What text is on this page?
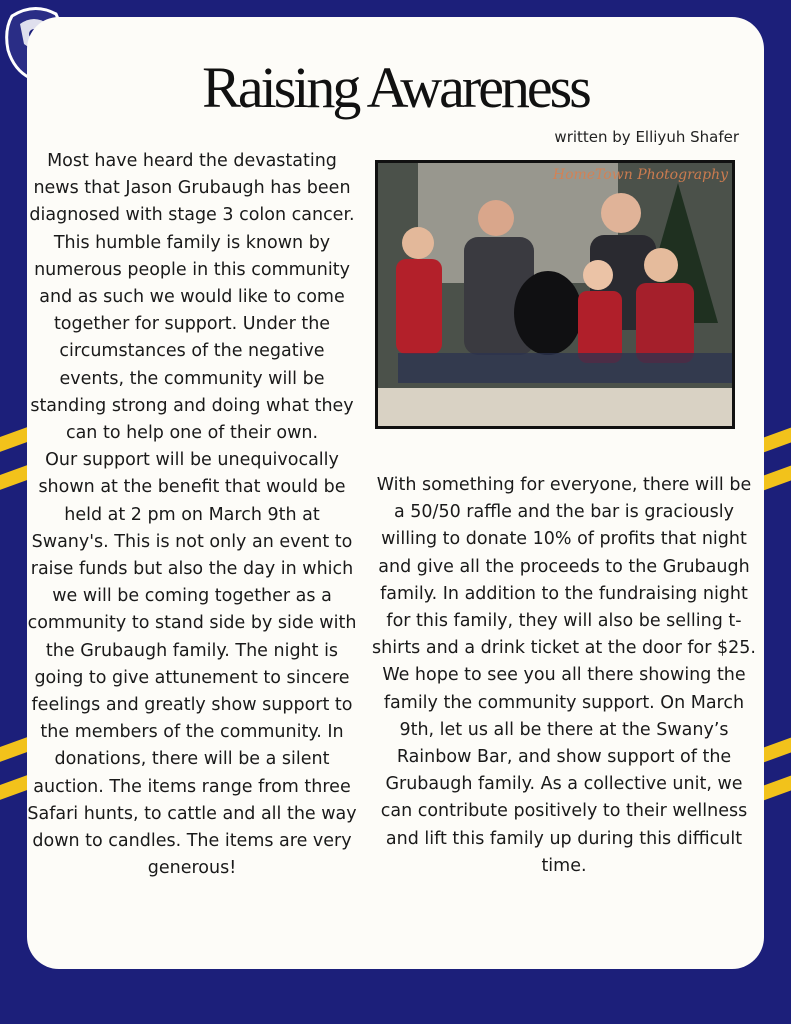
Raising Awareness
written by Elliyuh Shafer

Most have heard the devastating news that Jason Grubaugh has been diagnosed with stage 3 colon cancer. This humble family is known by numerous people in this community and as such we would like to come together for support. Under the circumstances of the negative events, the community will be standing strong and doing what they can to help one of their own.

Our support will be unequivocally shown at the benefit that would be held at 2 pm on March 9th at Swany's. This is not only an event to raise funds but also the day in which we will be coming together as a community to stand side by side with the Grubaugh family. The night is going to give attunement to sincere feelings and greatly show support to the members of the community. In donations, there will be a silent auction. The items range from three Safari hunts, to cattle and all the way down to candles. The items are very generous!

HomeTown Photography

With something for everyone, there will be a 50/50 raffle and the bar is graciously willing to donate 10% of profits that night and give all the proceeds to the Grubaugh family. In addition to the fundraising night for this family, they will also be selling t-shirts and a drink ticket at the door for $25. We hope to see you all there showing the family the community support. On March 9th, let us all be there at the Swany’s Rainbow Bar, and show support of the Grubaugh family. As a collective unit, we can contribute positively to their wellness and lift this family up during this difficult time.
